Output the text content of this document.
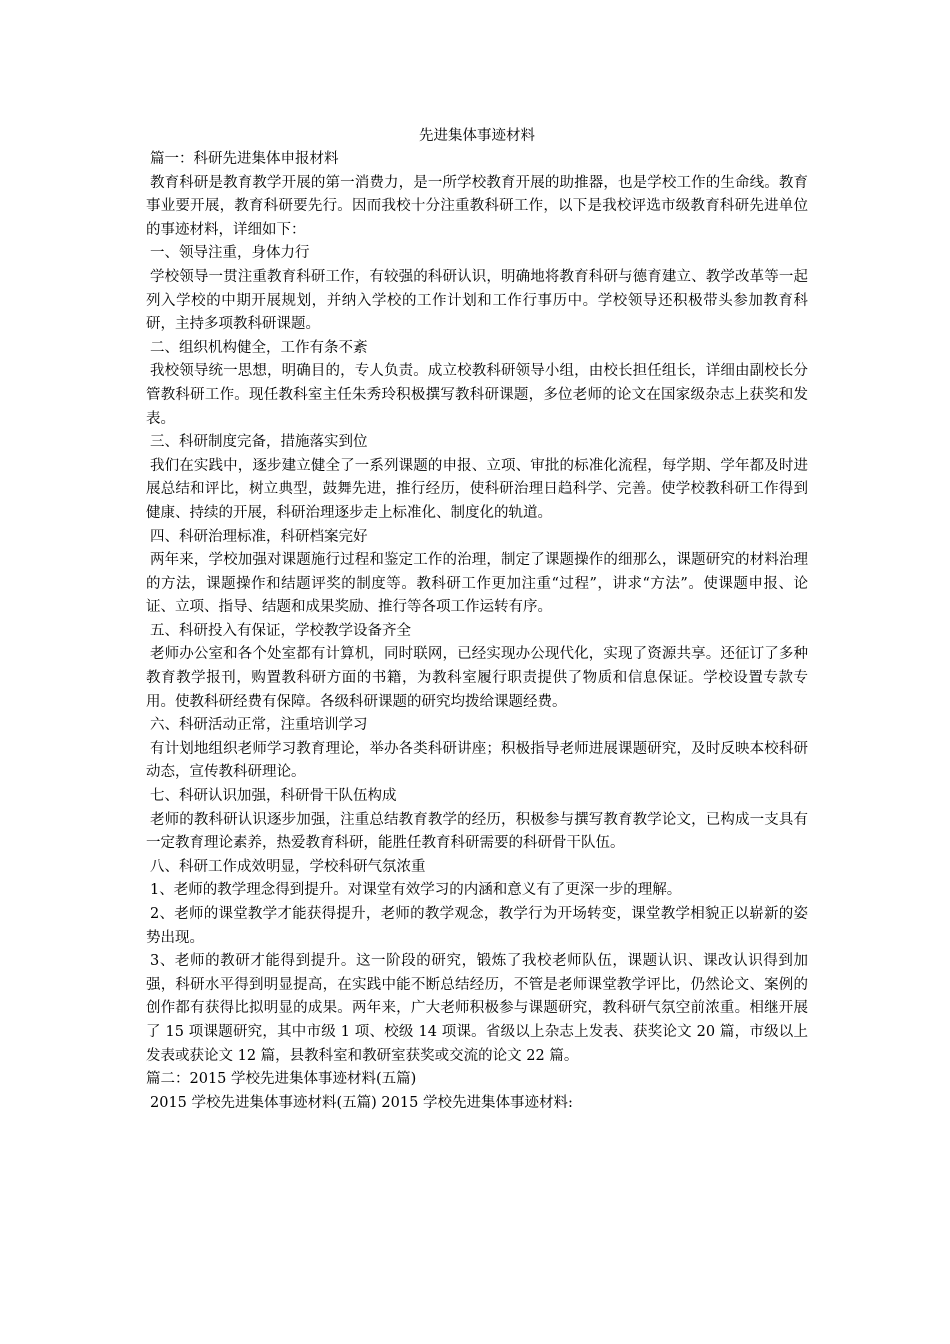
先进集体事迹材料

篇一：科研先进集体申报材料

教育科研是教育教学开展的第一消费力，是一所学校教育开展的助推器，也是学校工作的生命线。教育事业要开展，教育科研要先行。因而我校十分注重教科研工作，以下是我校评选市级教育科研先进单位的事迹材料，详细如下：

一、领导注重，身体力行

学校领导一贯注重教育科研工作，有较强的科研认识，明确地将教育科研与德育建立、教学改革等一起列入学校的中期开展规划，并纳入学校的工作计划和工作行事历中。学校领导还积极带头参加教育科研，主持多项教科研课题。

二、组织机构健全，工作有条不紊

我校领导统一思想，明确目的，专人负责。成立校教科研领导小组，由校长担任组长，详细由副校长分管教科研工作。现任教科室主任朱秀玲积极撰写教科研课题，多位老师的论文在国家级杂志上获奖和发表。

三、科研制度完备，措施落实到位

我们在实践中，逐步建立健全了一系列课题的申报、立项、审批的标准化流程，每学期、学年都及时进展总结和评比，树立典型，鼓舞先进，推行经历，使科研治理日趋科学、完善。使学校教科研工作得到健康、持续的开展，科研治理逐步走上标准化、制度化的轨道。

四、科研治理标准，科研档案完好

两年来，学校加强对课题施行过程和鉴定工作的治理，制定了课题操作的细那么，课题研究的材料治理的方法，课题操作和结题评奖的制度等。教科研工作更加注重“过程”，讲求“方法”。使课题申报、论证、立项、指导、结题和成果奖励、推行等各项工作运转有序。

五、科研投入有保证，学校教学设备齐全

老师办公室和各个处室都有计算机，同时联网，已经实现办公现代化，实现了资源共享。还征订了多种教育教学报刊，购置教科研方面的书籍，为教科室履行职责提供了物质和信息保证。学校设置专款专用。使教科研经费有保障。各级科研课题的研究均拨给课题经费。

六、科研活动正常，注重培训学习

有计划地组织老师学习教育理论，举办各类科研讲座；积极指导老师进展课题研究，及时反映本校科研动态，宣传教科研理论。

七、科研认识加强，科研骨干队伍构成

老师的教科研认识逐步加强，注重总结教育教学的经历，积极参与撰写教育教学论文，已构成一支具有一定教育理论素养，热爱教育科研，能胜任教育科研需要的科研骨干队伍。

八、科研工作成效明显，学校科研气氛浓重

1、老师的教学理念得到提升。对课堂有效学习的内涵和意义有了更深一步的理解。

2、老师的课堂教学才能获得提升，老师的教学观念，教学行为开场转变，课堂教学相貌正以崭新的姿势出现。

3、老师的教研才能得到提升。这一阶段的研究，锻炼了我校老师队伍，课题认识、课改认识得到加强，科研水平得到明显提高，在实践中能不断总结经历，不管是老师课堂教学评比，仍然论文、案例的创作都有获得比拟明显的成果。两年来，广大老师积极参与课题研究，教科研气氛空前浓重。相继开展了 15 项课题研究，其中市级 1 项、校级 14 项课。省级以上杂志上发表、获奖论文 20 篇，市级以上发表或获论文 12 篇，县教科室和教研室获奖或交流的论文 22 篇。

篇二：2015 学校先进集体事迹材料(五篇)

2015 学校先进集体事迹材料(五篇) 2015 学校先进集体事迹材料:
